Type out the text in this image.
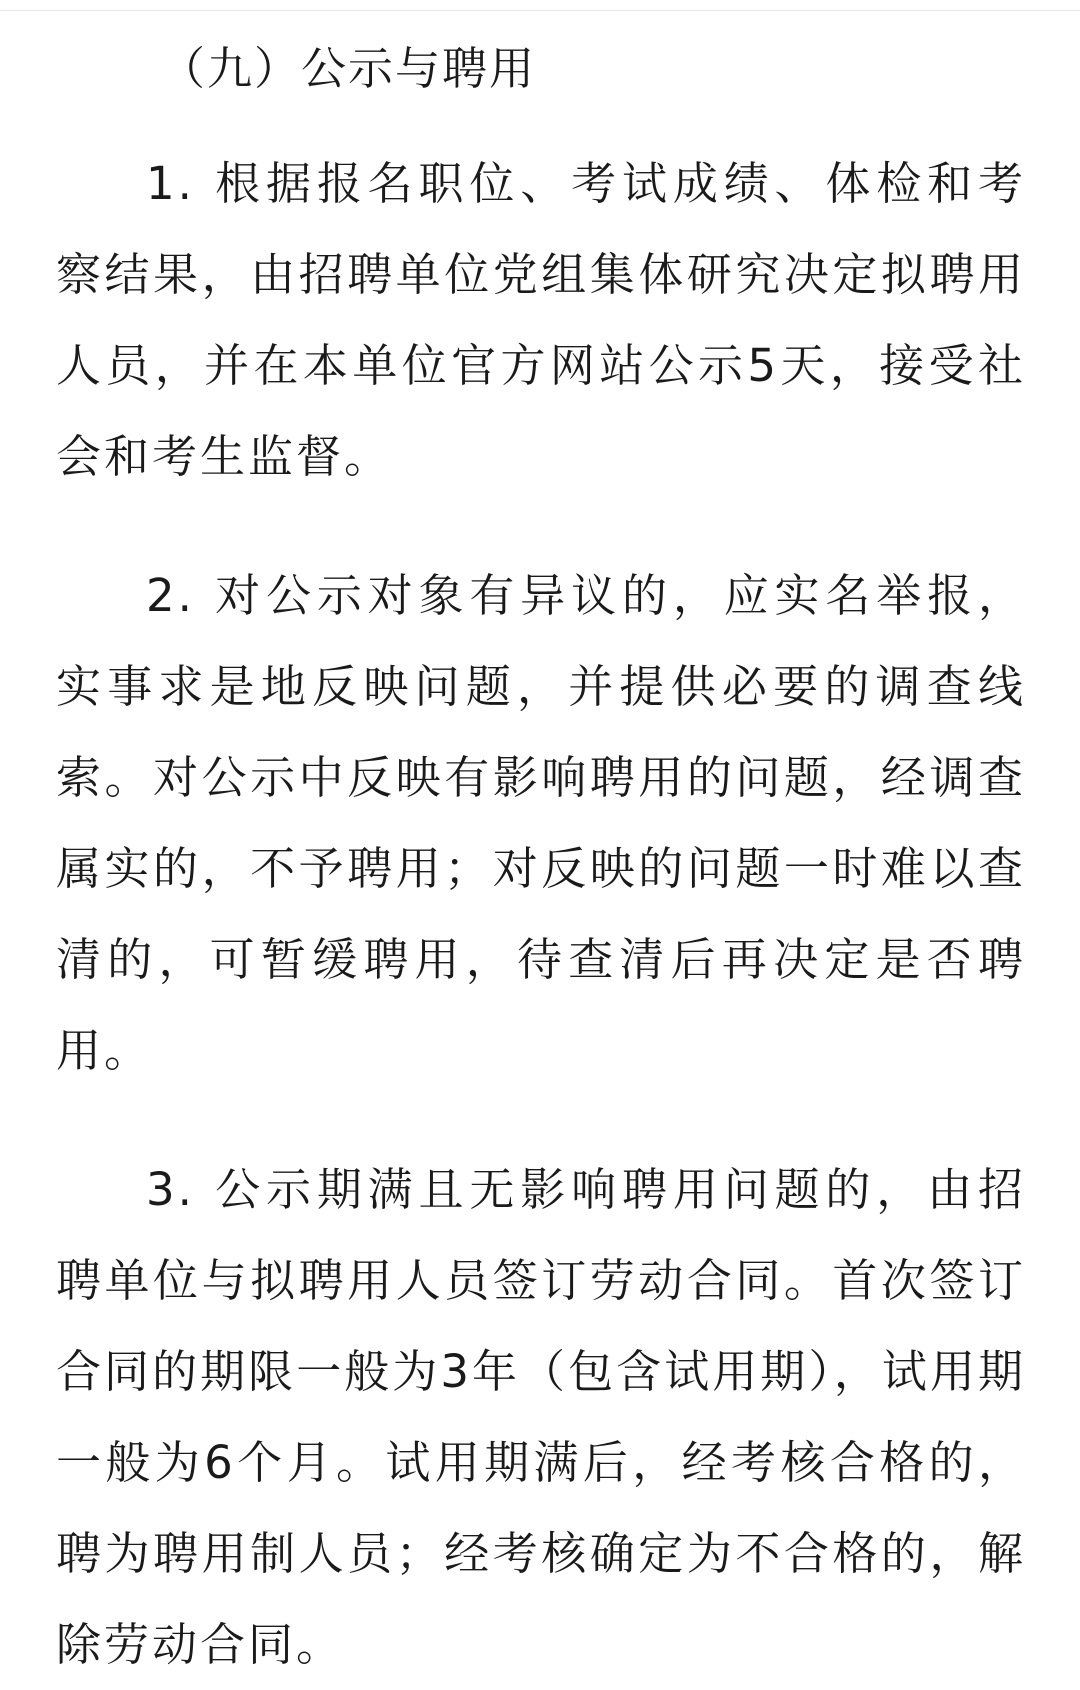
（九）公示与聘用

1. 根据报名职位、考试成绩、体检和考察结果，由招聘单位党组集体研究决定拟聘用人员，并在本单位官方网站公示5天，接受社会和考生监督。

2. 对公示对象有异议的，应实名举报，实事求是地反映问题，并提供必要的调查线索。对公示中反映有影响聘用的问题，经调查属实的，不予聘用；对反映的问题一时难以查清的，可暂缓聘用，待查清后再决定是否聘用。

3. 公示期满且无影响聘用问题的，由招聘单位与拟聘用人员签订劳动合同。首次签订合同的期限一般为3年（包含试用期），试用期一般为6个月。试用期满后，经考核合格的，聘为聘用制人员；经考核确定为不合格的，解除劳动合同。
